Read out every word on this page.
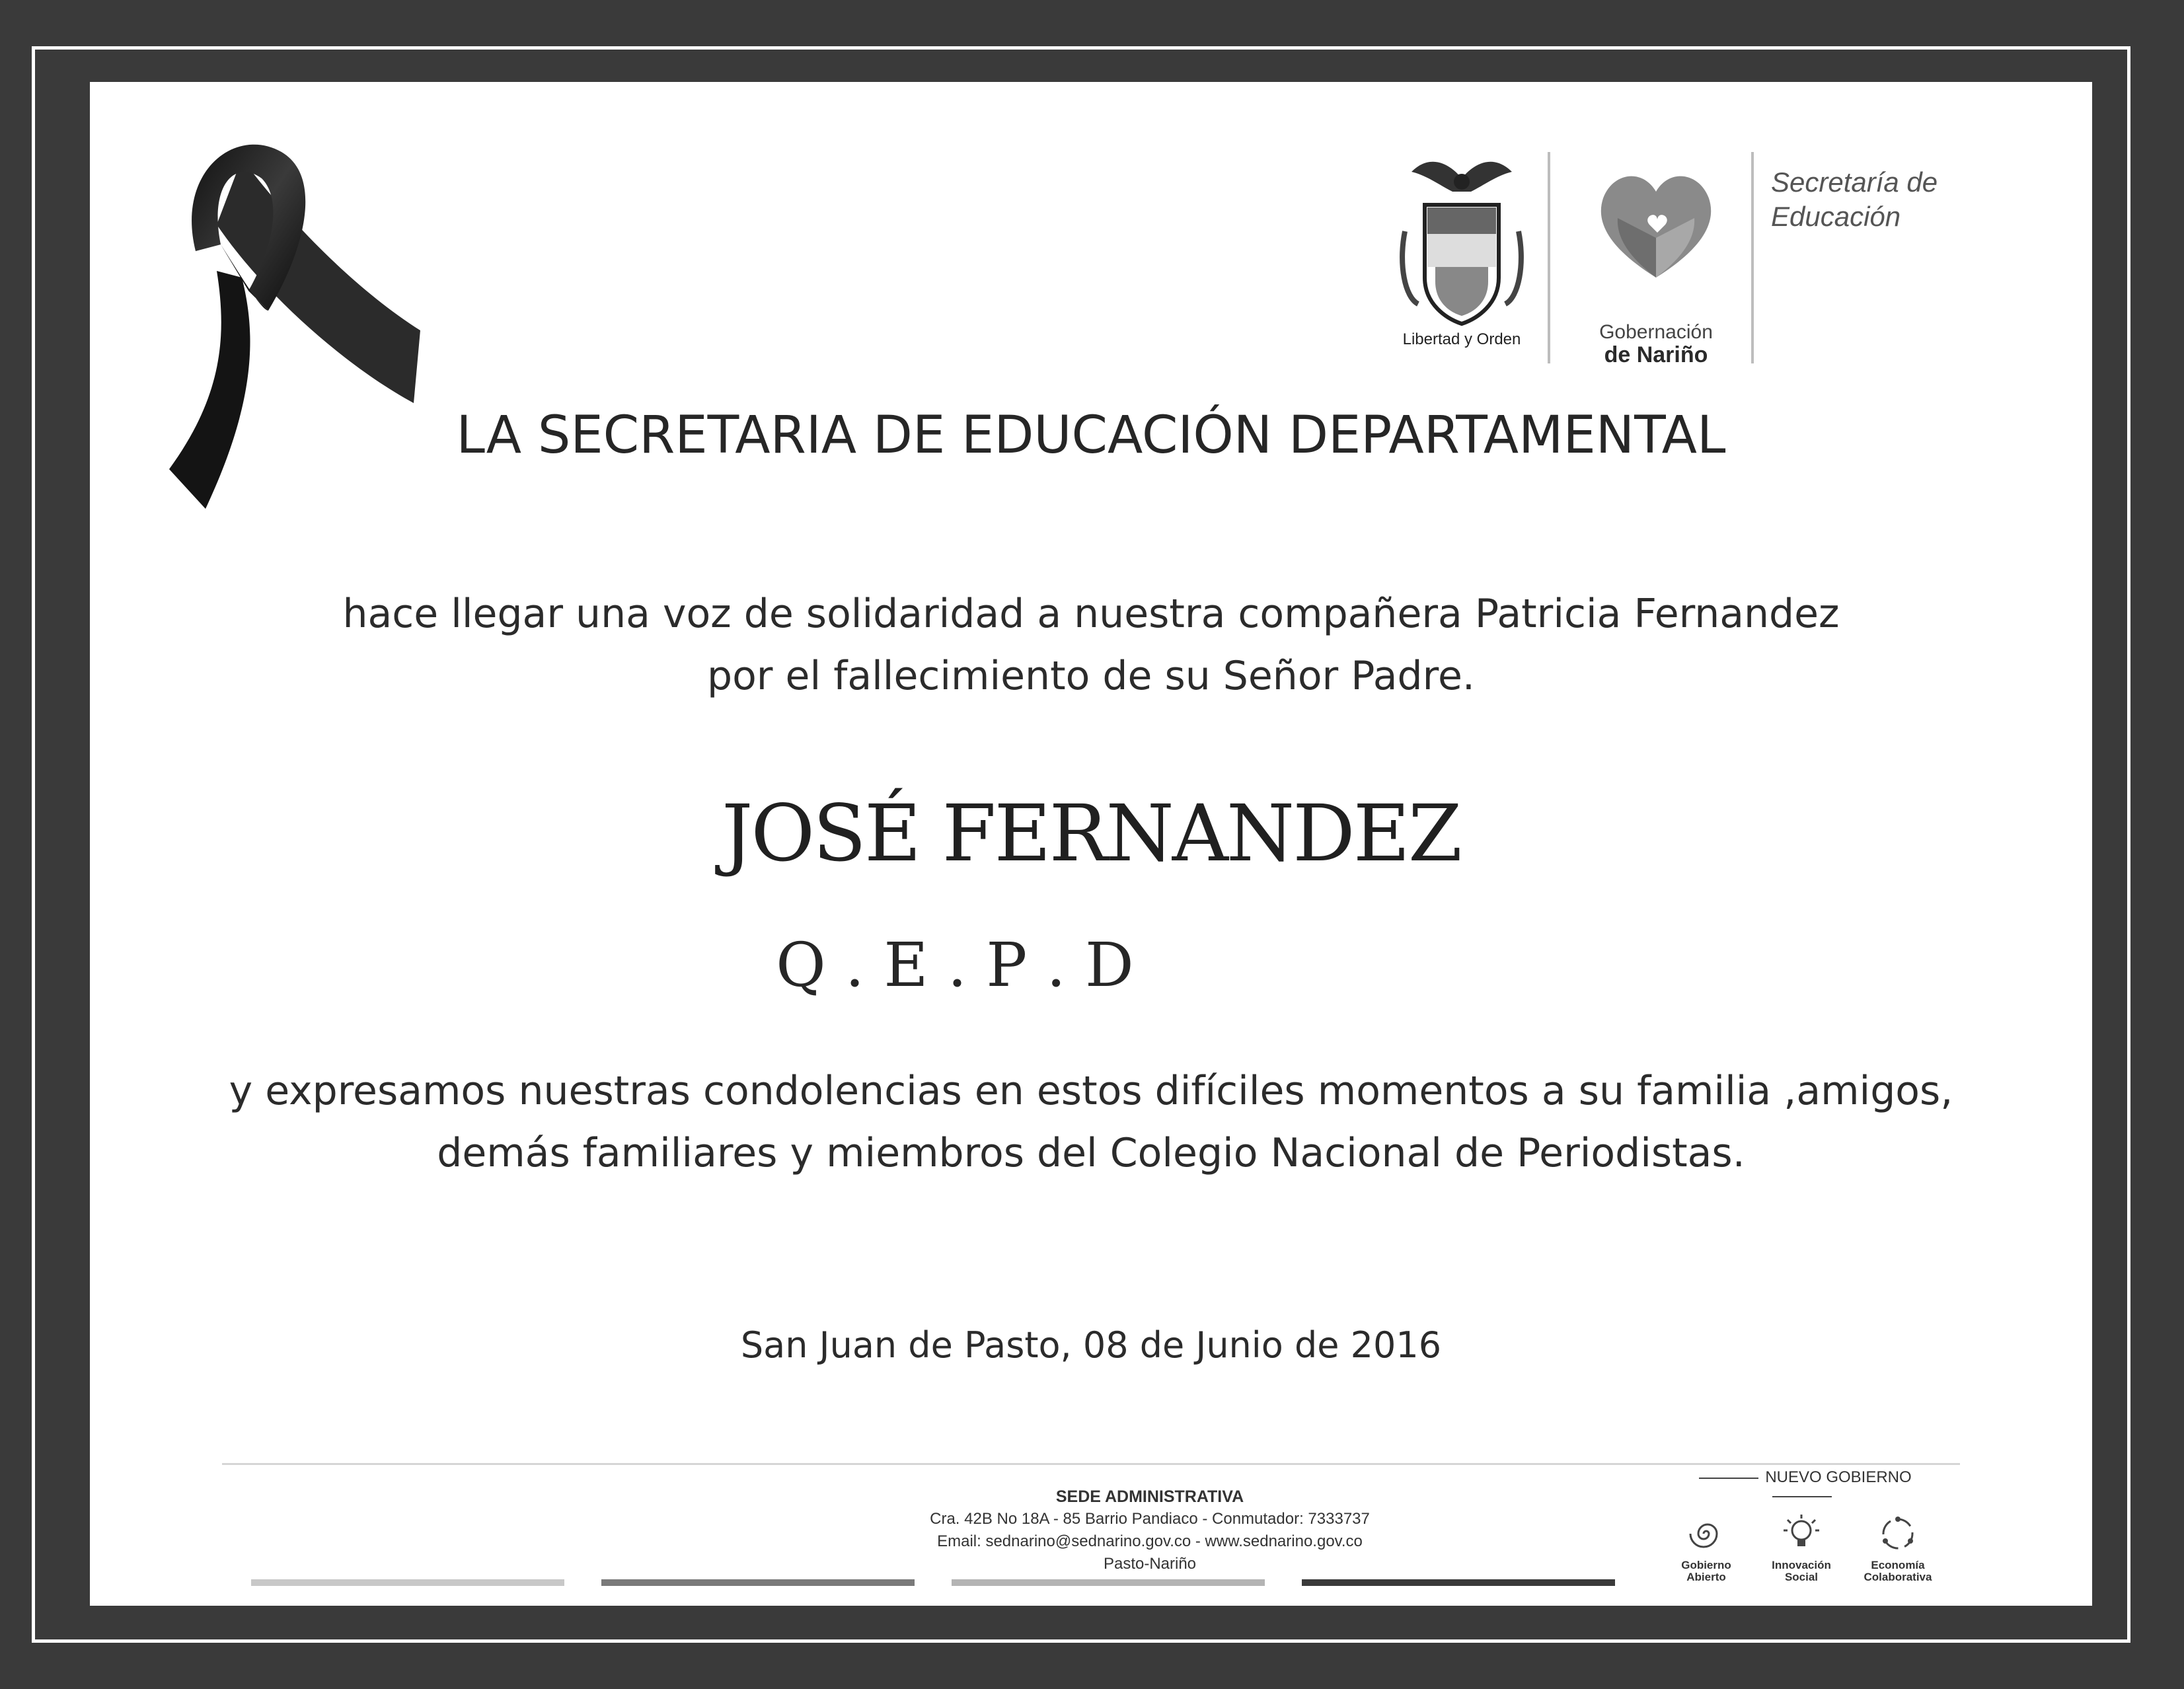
Libertad y Orden	Gobernación
de Nariño
Secretaría de
Educación
LA SECRETARIA DE EDUCACIÓN DEPARTAMENTAL
hace llegar una voz de solidaridad a nuestra compañera Patricia Fernandez
por el fallecimiento de su Señor Padre.
JOSÉ FERNANDEZ
Q . E . P . D
y expresamos nuestras condolencias en estos difíciles momentos a su familia ,amigos,
demás familiares y miembros del Colegio Nacional de Periodistas.
San Juan de Pasto, 08 de Junio de 2016
SEDE ADMINISTRATIVA
Cra. 42B No 18A - 85 Barrio Pandiaco - Conmutador: 7333737
Email: sednarino@sednarino.gov.co - www.sednarino.gov.co
Pasto-Nariño
NUEVO GOBIERNO
Gobierno
Abierto
Innovación
Social
Economía
Colaborativa
